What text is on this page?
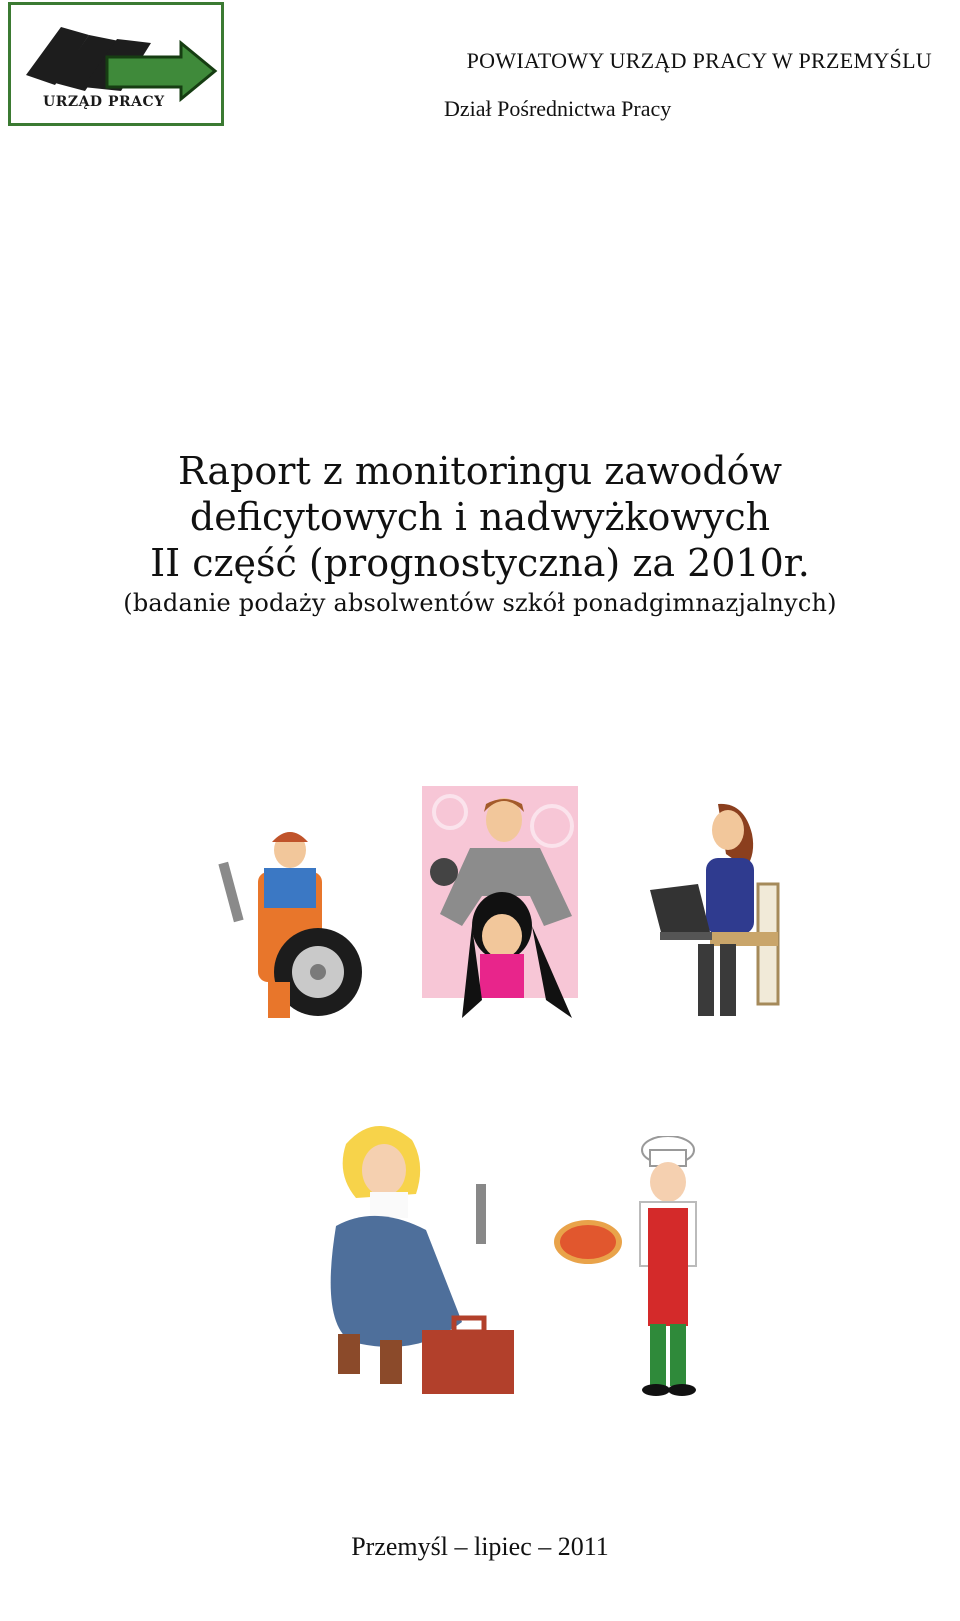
URZĄD PRACY
POWIATOWY URZĄD PRACY W PRZEMYŚLU
Dział Pośrednictwa Pracy
Raport z monitoringu zawodów
deficytowych i nadwyżkowych
II część (prognostyczna) za 2010r.
(badanie podaży absolwentów szkół ponadgimnazjalnych)
Przemyśl – lipiec – 2011
